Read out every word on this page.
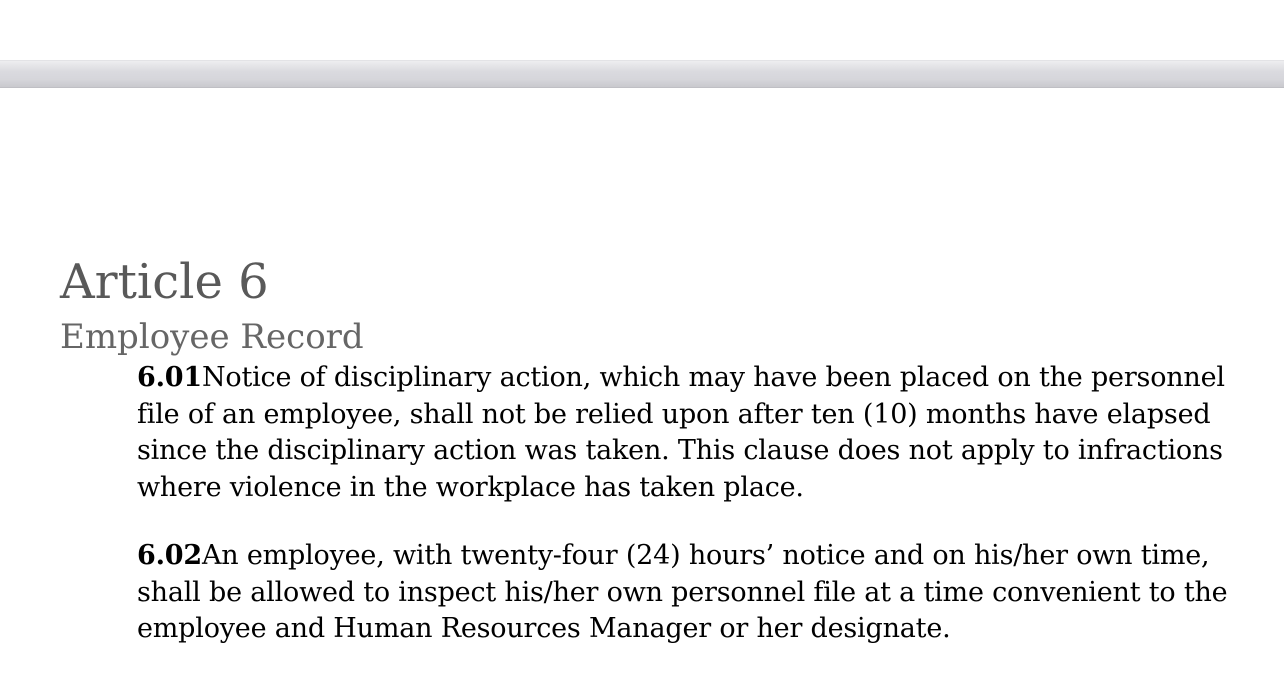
Article 6
Employee Record

6.01Notice of disciplinary action, which may have been placed on the personnel file of an employee, shall not be relied upon after ten (10) months have elapsed since the disciplinary action was taken. This clause does not apply to infractions where violence in the workplace has taken place.

6.02An employee, with twenty-four (24) hours’ notice and on his/her own time, shall be allowed to inspect his/her own personnel file at a time convenient to the employee and Human Resources Manager or her designate.
